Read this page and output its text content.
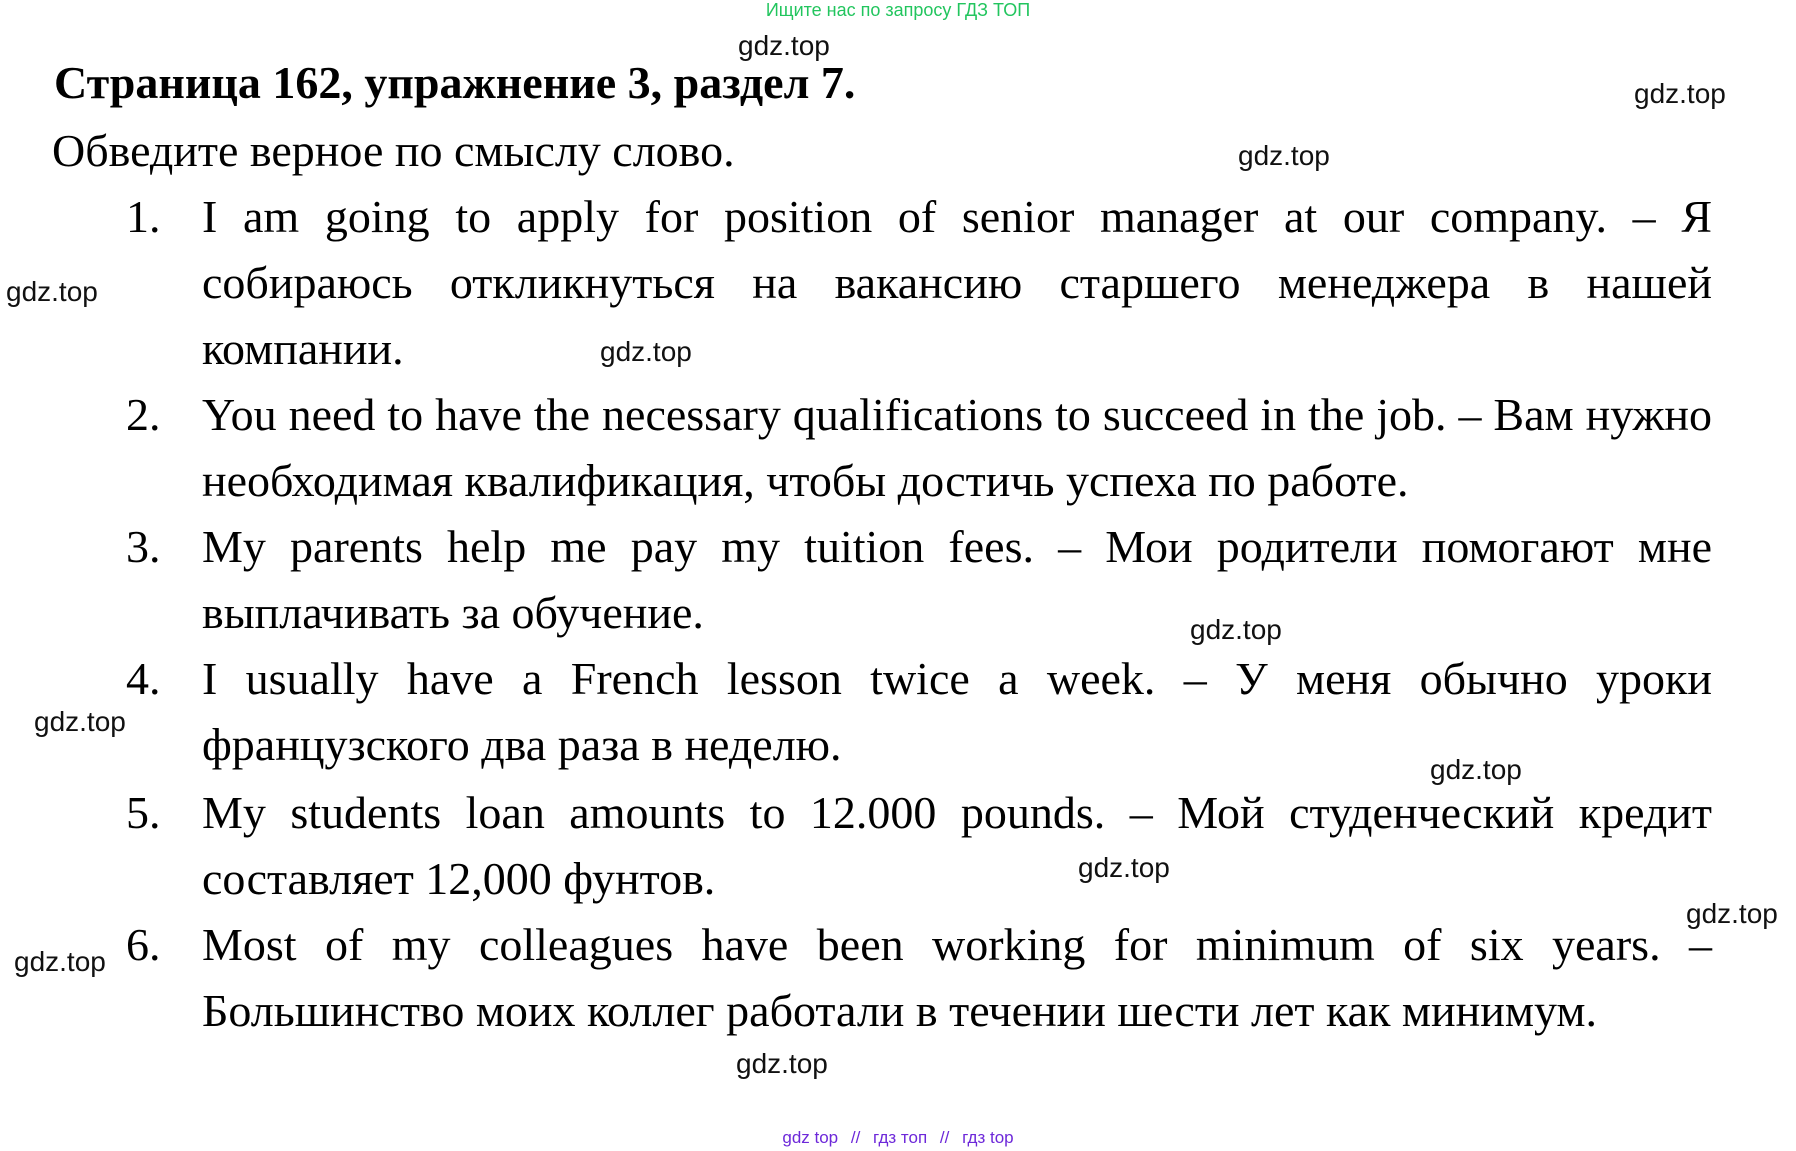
Ищите нас по запросу ГДЗ ТОП
Страница 162, упражнение 3, раздел 7.
Обведите верное по смыслу слово.
1. I am going to apply for position of senior manager at our company. – Я собираюсь откликнуться на вакансию старшего менеджера в нашей компании.
2. You need to have the necessary qualifications to succeed in the job. – Вам нужно необходимая квалификация, чтобы достичь успеха по работе.
3. My parents help me pay my tuition fees. – Мои родители помогают мне выплачивать за обучение.
4. I usually have a French lesson twice a week. – У меня обычно уроки французского два раза в неделю.
5. My students loan amounts to 12.000 pounds. – Мой студенческий кредит составляет 12,000 фунтов.
6. Most of my colleagues have been working for minimum of six years. – Большинство моих коллег работали в течении шести лет как минимум.
gdz.top
gdz.top
gdz.top
gdz.top
gdz.top
gdz.top
gdz.top
gdz.top
gdz.top
gdz.top
gdz.top
gdz.top
gdz top // гдз топ // гдз top
